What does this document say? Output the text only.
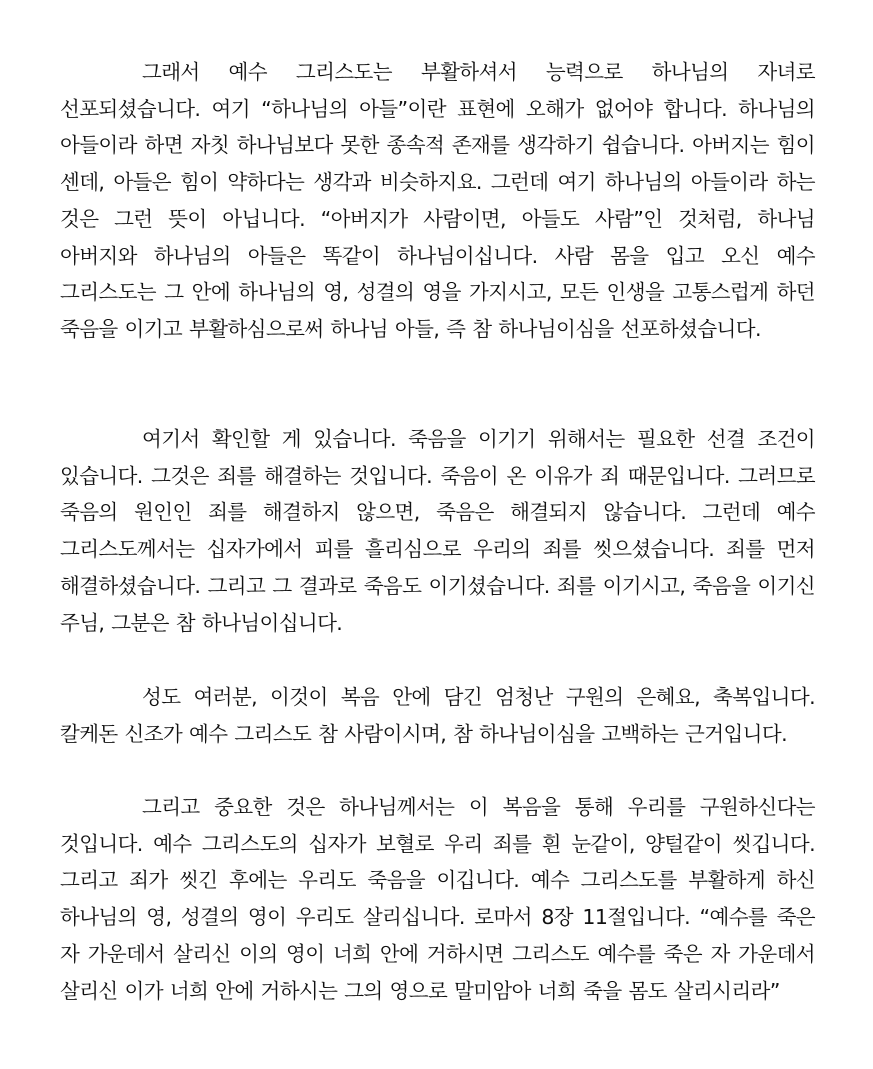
그래서 예수 그리스도는 부활하셔서 능력으로 하나님의 자녀로 선포되셨습니다. 여기 “하나님의 아들”이란 표현에 오해가 없어야 합니다. 하나님의 아들이라 하면 자칫 하나님보다 못한 종속적 존재를 생각하기 쉽습니다. 아버지는 힘이 센데, 아들은 힘이 약하다는 생각과 비슷하지요. 그런데 여기 하나님의 아들이라 하는 것은 그런 뜻이 아닙니다. “아버지가 사람이면, 아들도 사람”인 것처럼, 하나님 아버지와 하나님의 아들은 똑같이 하나님이십니다. 사람 몸을 입고 오신 예수 그리스도는 그 안에 하나님의 영, 성결의 영을 가지시고, 모든 인생을 고통스럽게 하던 죽음을 이기고 부활하심으로써 하나님 아들, 즉 참 하나님이심을 선포하셨습니다.

여기서 확인할 게 있습니다. 죽음을 이기기 위해서는 필요한 선결 조건이 있습니다. 그것은 죄를 해결하는 것입니다. 죽음이 온 이유가 죄 때문입니다. 그러므로 죽음의 원인인 죄를 해결하지 않으면, 죽음은 해결되지 않습니다. 그런데 예수 그리스도께서는 십자가에서 피를 흘리심으로 우리의 죄를 씻으셨습니다. 죄를 먼저 해결하셨습니다. 그리고 그 결과로 죽음도 이기셨습니다. 죄를 이기시고, 죽음을 이기신 주님, 그분은 참 하나님이십니다.

성도 여러분, 이것이 복음 안에 담긴 엄청난 구원의 은혜요, 축복입니다. 칼케돈 신조가 예수 그리스도 참 사람이시며, 참 하나님이심을 고백하는 근거입니다.

그리고 중요한 것은 하나님께서는 이 복음을 통해 우리를 구원하신다는 것입니다. 예수 그리스도의 십자가 보혈로 우리 죄를 흰 눈같이, 양털같이 씻깁니다. 그리고 죄가 씻긴 후에는 우리도 죽음을 이깁니다. 예수 그리스도를 부활하게 하신 하나님의 영, 성결의 영이 우리도 살리십니다. 로마서 8장 11절입니다. “예수를 죽은 자 가운데서 살리신 이의 영이 너희 안에 거하시면 그리스도 예수를 죽은 자 가운데서 살리신 이가 너희 안에 거하시는 그의 영으로 말미암아 너희 죽을 몸도 살리시리라”
